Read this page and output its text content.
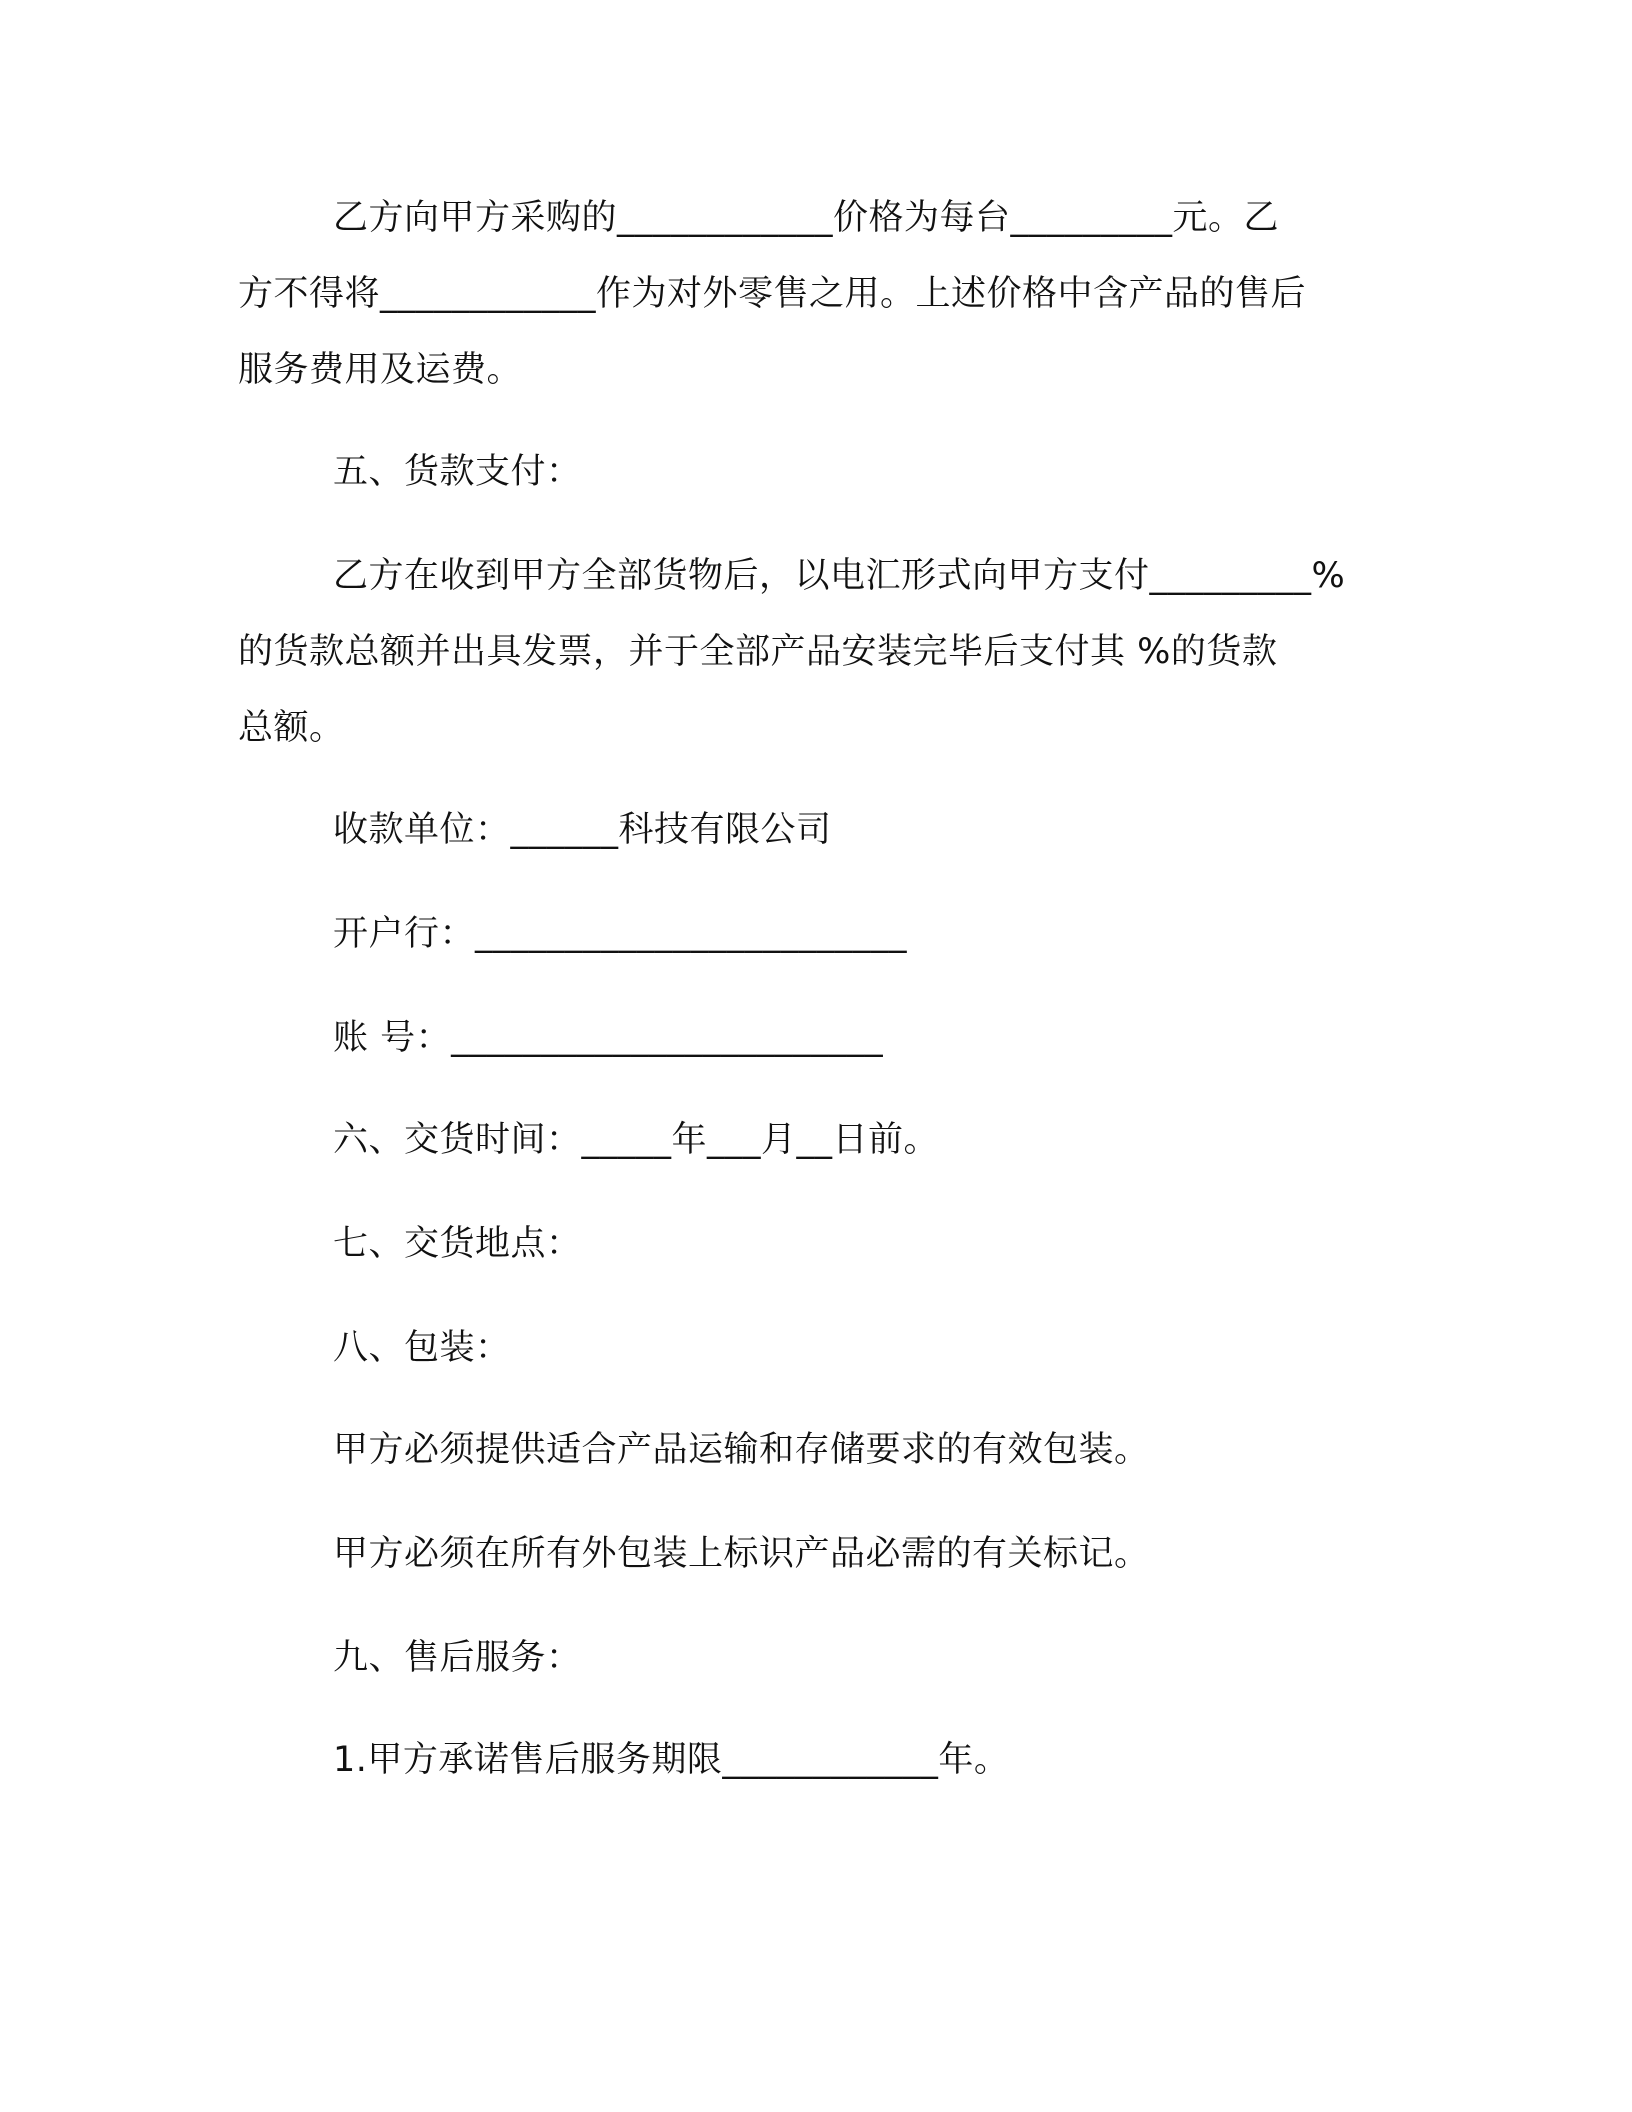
乙方向甲方采购的____________价格为每台_________元。乙

方不得将____________作为对外零售之用。上述价格中含产品的售后

服务费用及运费。

五、货款支付：

乙方在收到甲方全部货物后，以电汇形式向甲方支付_________%

的货款总额并出具发票，并于全部产品安装完毕后支付其 %的货款

总额。

收款单位：______科技有限公司

开户行：________________________

账 号：________________________

六、交货时间：_____年___月__日前。

七、交货地点：

八、包装：

甲方必须提供适合产品运输和存储要求的有效包装。

甲方必须在所有外包装上标识产品必需的有关标记。

九、售后服务：

1.甲方承诺售后服务期限____________年。
